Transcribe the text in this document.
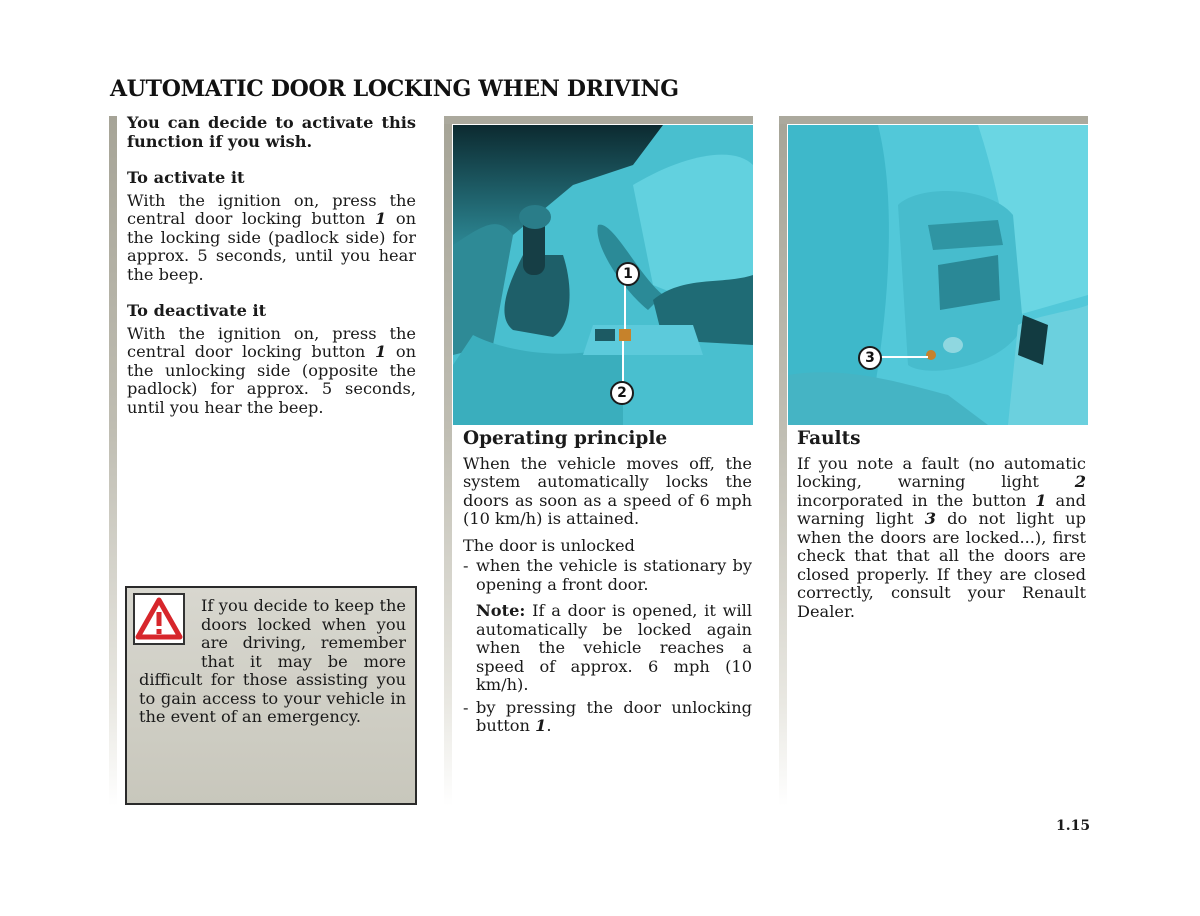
AUTOMATIC DOOR LOCKING WHEN DRIVING

You can decide to activate this function if you wish.

To activate it

With the ignition on, press the central door locking button 1 on the locking side (padlock side) for approx. 5 seconds, until you hear the beep.

To deactivate it

With the ignition on, press the central door locking button 1 on the unlocking side (opposite the padlock) for approx. 5 seconds, until you hear the beep.

If you decide to keep the doors locked when you are driving, remember that it may be more difficult for those assisting you to gain access to your vehicle in the event of an emergency.

1
2
3

Operating principle

When the vehicle moves off, the system automatically locks the doors as soon as a speed of 6 mph (10 km/h) is attained.

The door is unlocked

- when the vehicle is stationary by opening a front door.

Note: If a door is opened, it will automatically be locked again when the vehicle reaches a speed of approx. 6 mph (10 km/h).

- by pressing the door unlocking button 1.

Faults

If you note a fault (no automatic locking, warning light 2 incorporated in the button 1 and warning light 3 do not light up when the doors are locked...), first check that that all the doors are closed properly. If they are closed correctly, consult your Renault Dealer.

1.15
